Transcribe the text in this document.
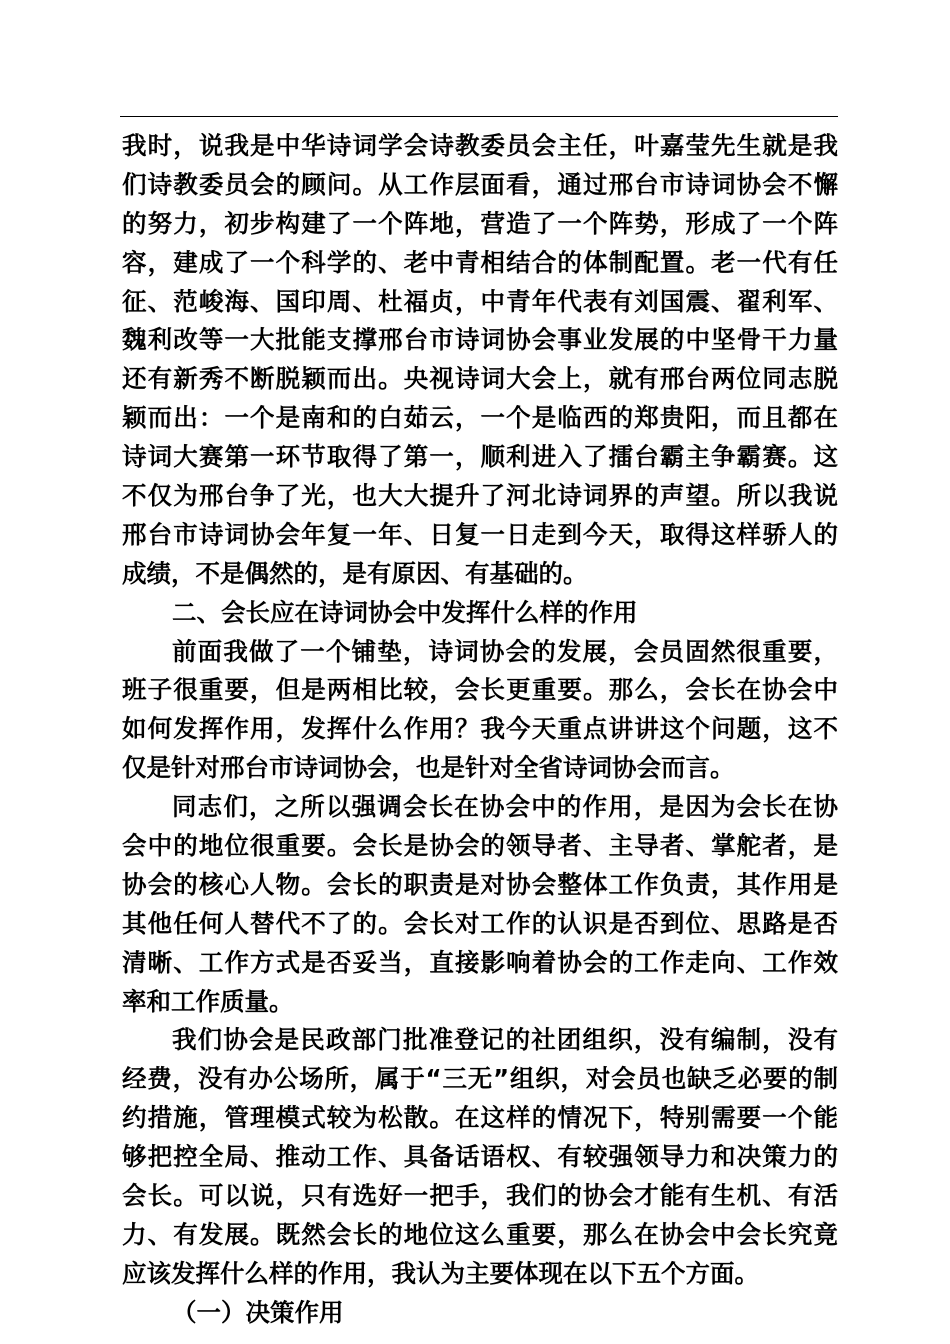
我时，说我是中华诗词学会诗教委员会主任，叶嘉莹先生就是我
们诗教委员会的顾问。从工作层面看，通过邢台市诗词协会不懈
的努力，初步构建了一个阵地，营造了一个阵势，形成了一个阵
容，建成了一个科学的、老中青相结合的体制配置。老一代有任
征、范峻海、国印周、杜福贞，中青年代表有刘国震、翟利军、
魏利改等一大批能支撑邢台市诗词协会事业发展的中坚骨干力量
还有新秀不断脱颖而出。央视诗词大会上，就有邢台两位同志脱
颖而出：一个是南和的白茹云，一个是临西的郑贵阳，而且都在
诗词大赛第一环节取得了第一，顺利进入了擂台霸主争霸赛。这
不仅为邢台争了光，也大大提升了河北诗词界的声望。所以我说
邢台市诗词协会年复一年、日复一日走到今天，取得这样骄人的
成绩，不是偶然的，是有原因、有基础的。
二、会长应在诗词协会中发挥什么样的作用
前面我做了一个铺垫，诗词协会的发展，会员固然很重要，
班子很重要，但是两相比较，会长更重要。那么，会长在协会中
如何发挥作用，发挥什么作用？我今天重点讲讲这个问题，这不
仅是针对邢台市诗词协会，也是针对全省诗词协会而言。
同志们，之所以强调会长在协会中的作用，是因为会长在协
会中的地位很重要。会长是协会的领导者、主导者、掌舵者，是
协会的核心人物。会长的职责是对协会整体工作负责，其作用是
其他任何人替代不了的。会长对工作的认识是否到位、思路是否
清晰、工作方式是否妥当，直接影响着协会的工作走向、工作效
率和工作质量。
我们协会是民政部门批准登记的社团组织，没有编制，没有
经费，没有办公场所，属于“三无”组织，对会员也缺乏必要的制
约措施，管理模式较为松散。在这样的情况下，特别需要一个能
够把控全局、推动工作、具备话语权、有较强领导力和决策力的
会长。可以说，只有选好一把手，我们的协会才能有生机、有活
力、有发展。既然会长的地位这么重要，那么在协会中会长究竟
应该发挥什么样的作用，我认为主要体现在以下五个方面。
（一）决策作用
